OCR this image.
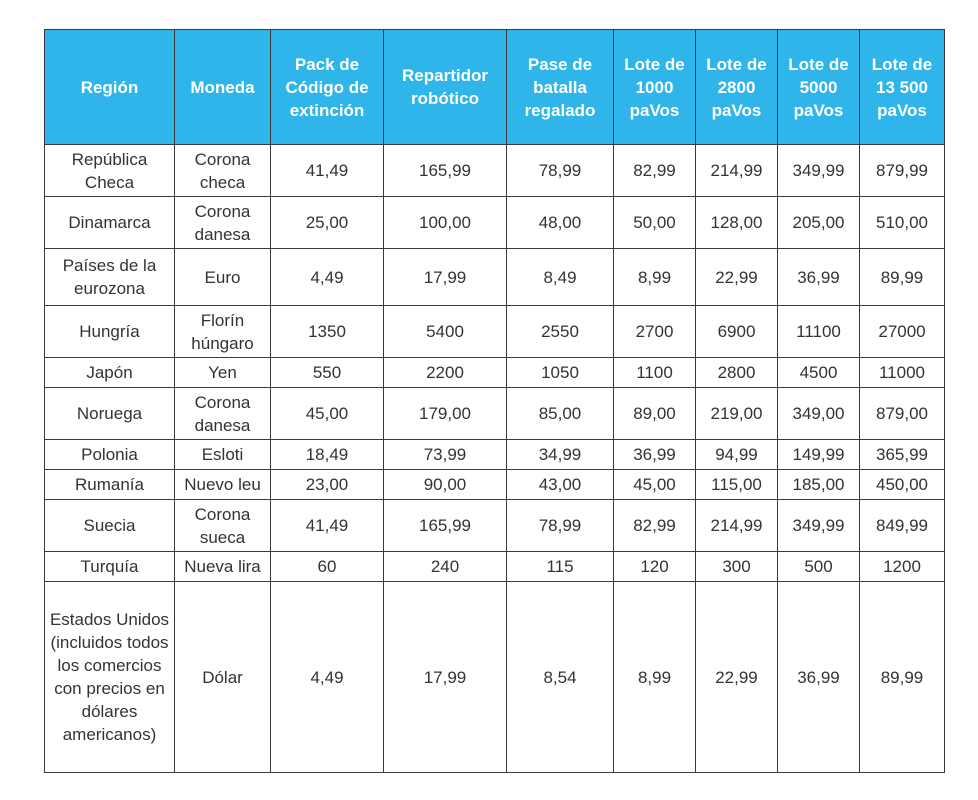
Región	Moneda	Pack de Código de extinción	Repartidor robótico	Pase de batalla regalado	Lote de 1000 paVos	Lote de 2800 paVos	Lote de 5000 paVos	Lote de 13 500 paVos
República Checa	Corona checa	41,49	165,99	78,99	82,99	214,99	349,99	879,99
Dinamarca	Corona danesa	25,00	100,00	48,00	50,00	128,00	205,00	510,00
Países de la eurozona	Euro	4,49	17,99	8,49	8,99	22,99	36,99	89,99
Hungría	Florín húngaro	1350	5400	2550	2700	6900	11100	27000
Japón	Yen	550	2200	1050	1100	2800	4500	11000
Noruega	Corona danesa	45,00	179,00	85,00	89,00	219,00	349,00	879,00
Polonia	Esloti	18,49	73,99	34,99	36,99	94,99	149,99	365,99
Rumanía	Nuevo leu	23,00	90,00	43,00	45,00	115,00	185,00	450,00
Suecia	Corona sueca	41,49	165,99	78,99	82,99	214,99	349,99	849,99
Turquía	Nueva lira	60	240	115	120	300	500	1200
Estados Unidos (incluidos todos los comercios con precios en dólares americanos)	Dólar	4,49	17,99	8,54	8,99	22,99	36,99	89,99
